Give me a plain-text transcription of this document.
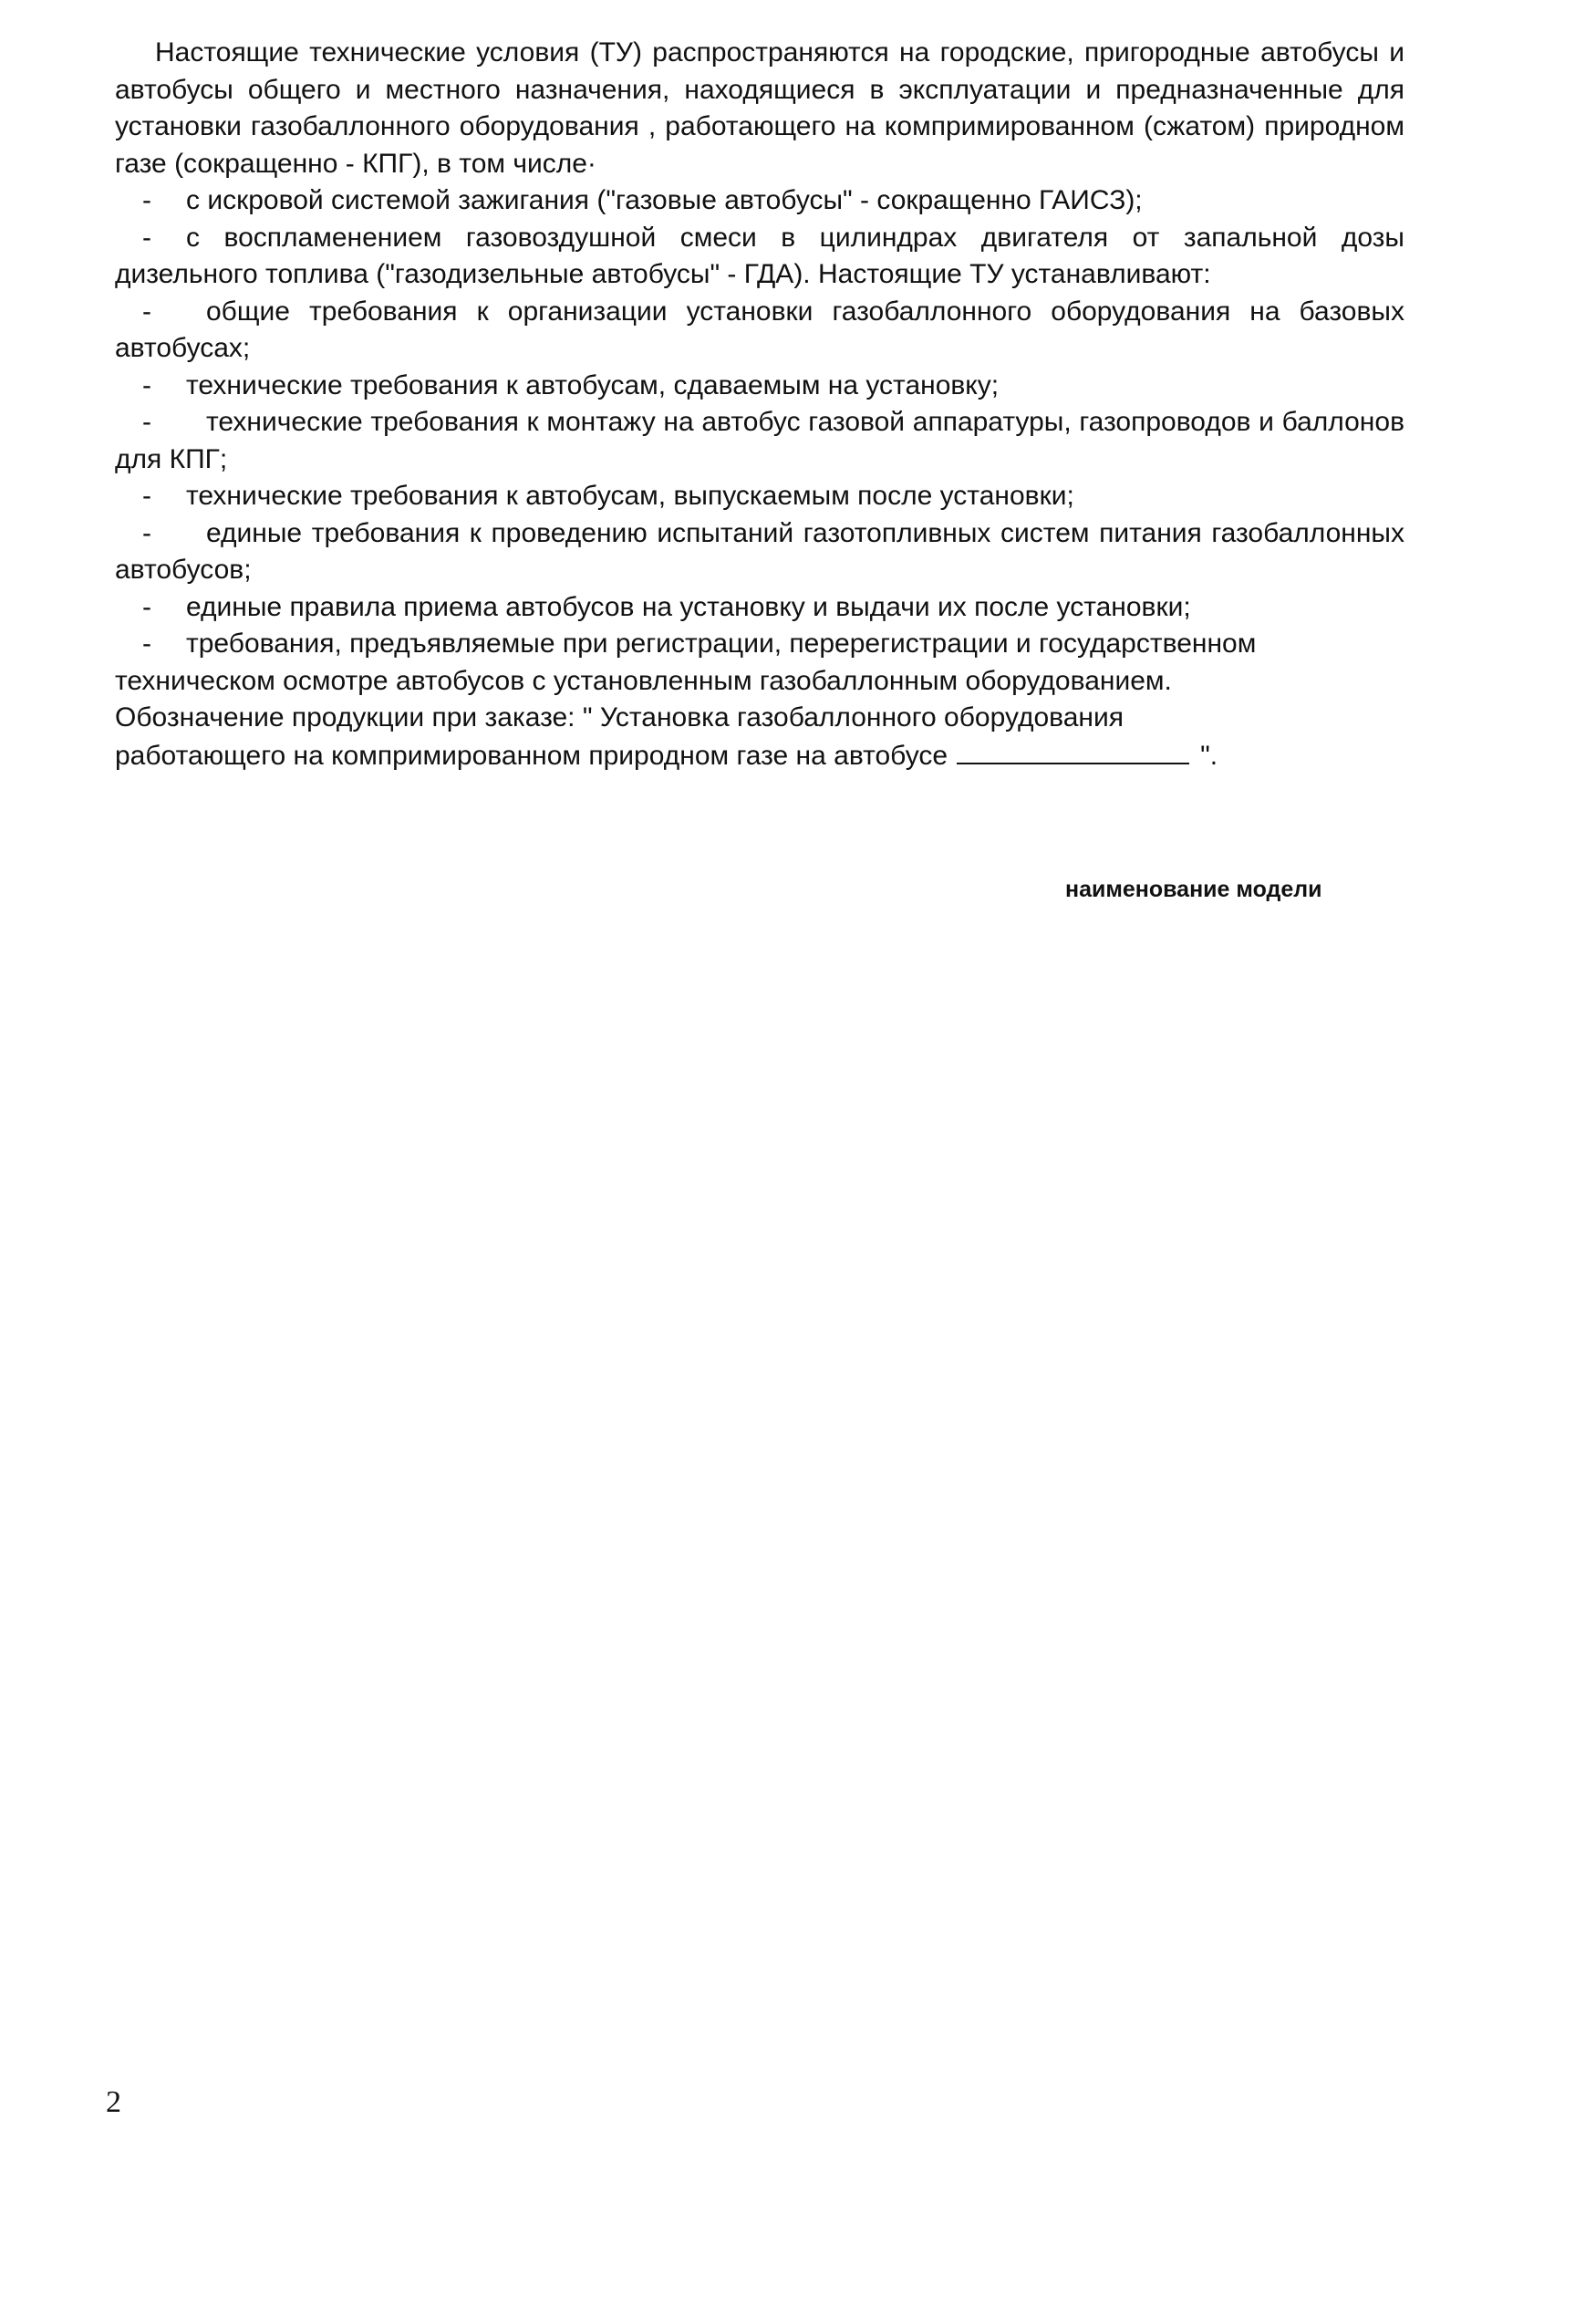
Настоящие технические условия (ТУ) распространяются на городские, пригородные автобусы и автобусы общего и местного назначения, находящиеся в эксплуатации и предназначенные для установки газобаллонного оборудования , работающего на компримированном (сжатом) природном газе (сокращенно - КПГ), в том числе·

- с искровой системой зажигания ("газовые автобусы" - сокращенно ГАИСЗ);

- с воспламенением газовоздушной смеси в цилиндрах двигателя от запальной дозы дизельного топлива ("газодизельные автобусы" - ГДА). Настоящие ТУ устанавливают:

- общие требования к организации установки газобаллонного оборудования на базовых автобусах;

- технические требования к автобусам, сдаваемым на установку;

- технические требования к монтажу на автобус газовой аппаратуры, газопроводов и баллонов для КПГ;

- технические требования к автобусам, выпускаемым после установки;

- единые требования к проведению испытаний газотопливных систем питания газобаллонных автобусов;

- единые правила приема автобусов на установку и выдачи их после установки;

- требования, предъявляемые при регистрации, перерегистрации и государственном техническом осмотре автобусов с установленным газобаллонным оборудованием.

Обозначение продукции при заказе: " Установка газобаллонного оборудования

работающего на компримированном природном газе на автобусе	".

наименование модели
2
